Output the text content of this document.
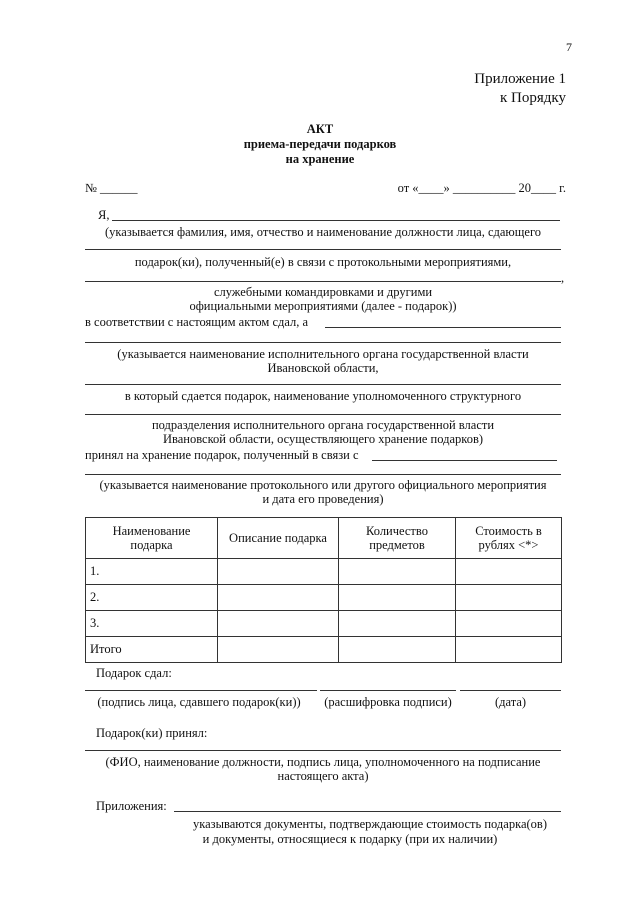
7
Приложение 1
к Порядку
АКТ
приема-передачи подарков
на хранение
№ ______	от «____» __________ 20____ г.
Я,
(указывается фамилия, имя, отчество и наименование должности лица, сдающего
подарок(ки), полученный(е) в связи с протокольными мероприятиями,
,
служебными командировками и другими
официальными мероприятиями (далее - подарок))
в соответствии с настоящим актом сдал, а
(указывается наименование исполнительного органа государственной власти
Ивановской области,
в который сдается подарок, наименование уполномоченного структурного
подразделения исполнительного органа государственной власти
Ивановской области, осуществляющего хранение подарков)
принял на хранение подарок, полученный в связи с
(указывается наименование протокольного или другого официального мероприятия
и дата его проведения)
Наименование подарка	Описание подарка	Количество предметов	Стоимость в рублях <*>
1.			
2.			
3.			
Итого			
Подарок сдал:
(подпись лица, сдавшего подарок(ки))	(расшифровка подписи)	(дата)
Подарок(ки) принял:
(ФИО, наименование должности, подпись лица, уполномоченного на подписание
настоящего акта)
Приложения:
указываются документы, подтверждающие стоимость подарка(ов)
и документы, относящиеся к подарку (при их наличии)
